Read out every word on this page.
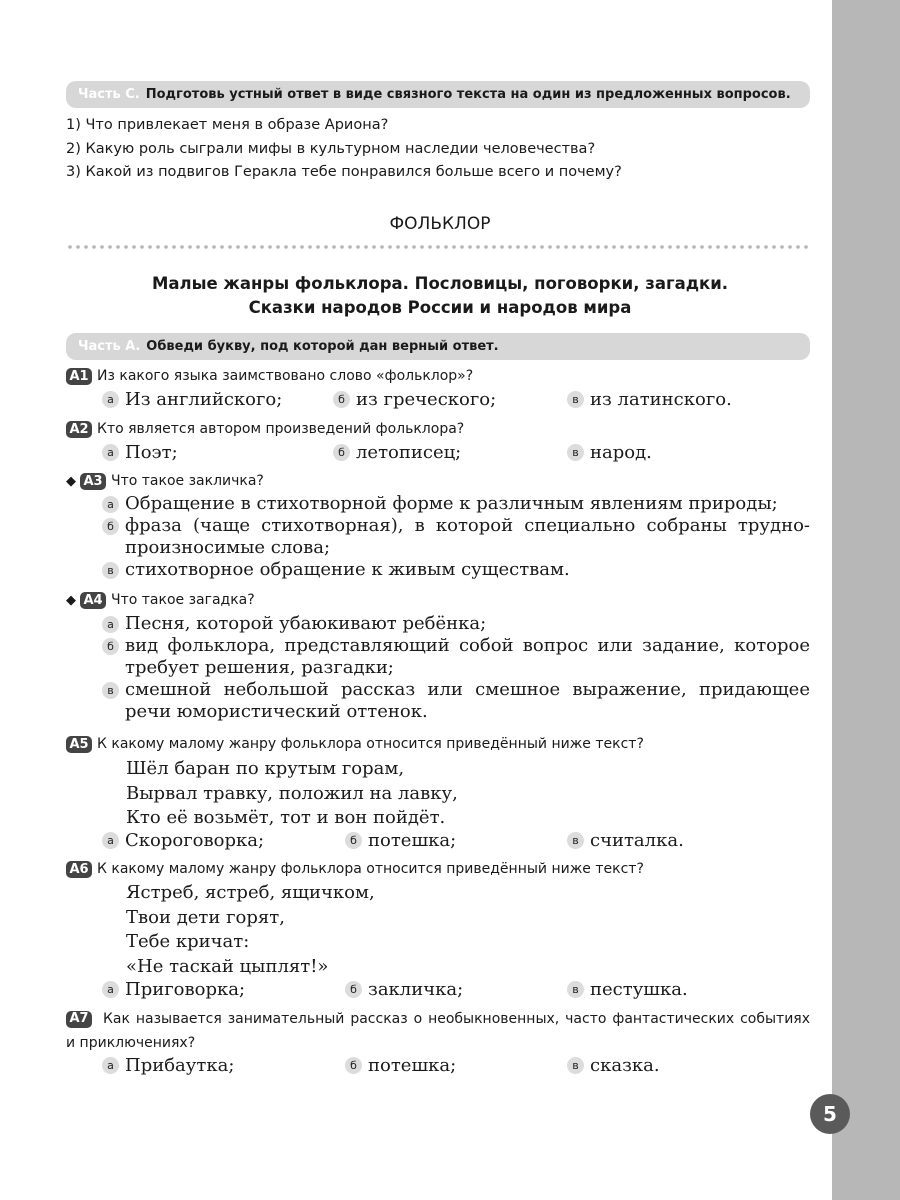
Часть С. Подготовь устный ответ в виде связного текста на один из предложенных вопросов.
1) Что привлекает меня в образе Ариона?
2) Какую роль сыграли мифы в культурном наследии человечества?
3) Какой из подвигов Геракла тебе понравился больше всего и почему?
ФОЛЬКЛОР
Малые жанры фольклора. Пословицы, поговорки, загадки.
Сказки народов России и народов мира
Часть А. Обведи букву, под которой дан верный ответ.
А1 Из какого языка заимствовано слово «фольклор»?
а Из английского;	б из греческого;	в из латинского.
А2 Кто является автором произведений фольклора?
а Поэт;	б летописец;	в народ.
◆ А3 Что такое закличка?
а Обращение в стихотворной форме к различным явлениям природы;
б фраза (чаще стихотворная), в которой специально собраны трудно-произносимые слова;
в стихотворное обращение к живым существам.
◆ А4 Что такое загадка?
а Песня, которой убаюкивают ребёнка;
б вид фольклора, представляющий собой вопрос или задание, которое требует решения, разгадки;
в смешной небольшой рассказ или смешное выражение, придающее речи юмористический оттенок.
А5 К какому малому жанру фольклора относится приведённый ниже текст?
Шёл баран по крутым горам,
Вырвал травку, положил на лавку,
Кто её возьмёт, тот и вон пойдёт.
а Скороговорка;	б потешка;	в считалка.
А6 К какому малому жанру фольклора относится приведённый ниже текст?
Ястреб, ястреб, ящичком,
Твои дети горят,
Тебе кричат:
«Не таскай цыплят!»
а Приговорка;	б закличка;	в пестушка.
А7 Как называется занимательный рассказ о необыкновенных, часто фантастических событиях и приключениях?
а Прибаутка;	б потешка;	в сказка.
5
